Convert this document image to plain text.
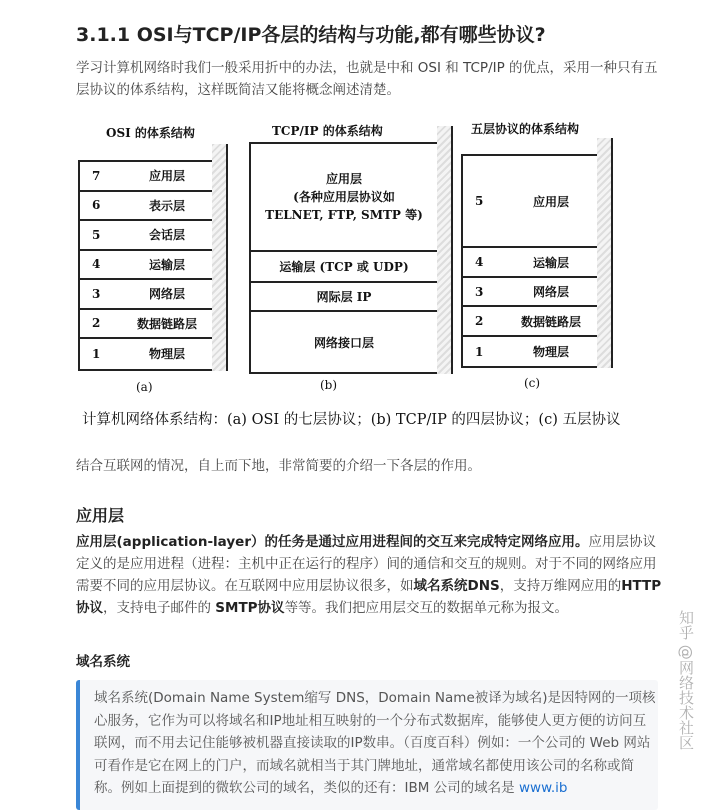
3.1.1 OSI与TCP/IP各层的结构与功能,都有哪些协议?

学习计算机网络时我们一般采用折中的办法，也就是中和 OSI 和 TCP/IP 的优点，采用一种只有五层协议的体系结构，这样既简洁又能将概念阐述清楚。

OSI 的体系结构
7	应用层
6	表示层
5	会话层
4	运输层
3	网络层
2	数据链路层
1	物理层
(a)
TCP/IP 的体系结构
应用层
(各种应用层协议如
TELNET, FTP, SMTP 等)
运输层 (TCP 或 UDP)
网际层 IP
网络接口层
(b)
五层协议的体系结构
5	应用层
4	运输层
3	网络层
2	数据链路层
1	物理层
(c)
计算机网络体系结构：(a) OSI 的七层协议；(b) TCP/IP 的四层协议；(c) 五层协议

结合互联网的情况，自上而下地，非常简要的介绍一下各层的作用。

应用层

应用层(application-layer）的任务是通过应用进程间的交互来完成特定网络应用。应用层协议定义的是应用进程（进程：主机中正在运行的程序）间的通信和交互的规则。对于不同的网络应用需要不同的应用层协议。在互联网中应用层协议很多，如域名系统DNS，支持万维网应用的HTTP协议，支持电子邮件的 SMTP协议等等。我们把应用层交互的数据单元称为报文。

域名系统

域名系统(Domain Name System缩写 DNS，Domain Name被译为域名)是因特网的一项核心服务，它作为可以将域名和IP地址相互映射的一个分布式数据库，能够使人更方便的访问互联网，而不用去记住能够被机器直接读取的IP数串。（百度百科）例如：一个公司的 Web 网站可看作是它在网上的门户，而域名就相当于其门牌地址，通常域名都使用该公司的名称或简称。例如上面提到的微软公司的域名，类似的还有：IBM 公司的域名是 www.ib

知乎 @网络技术社区
